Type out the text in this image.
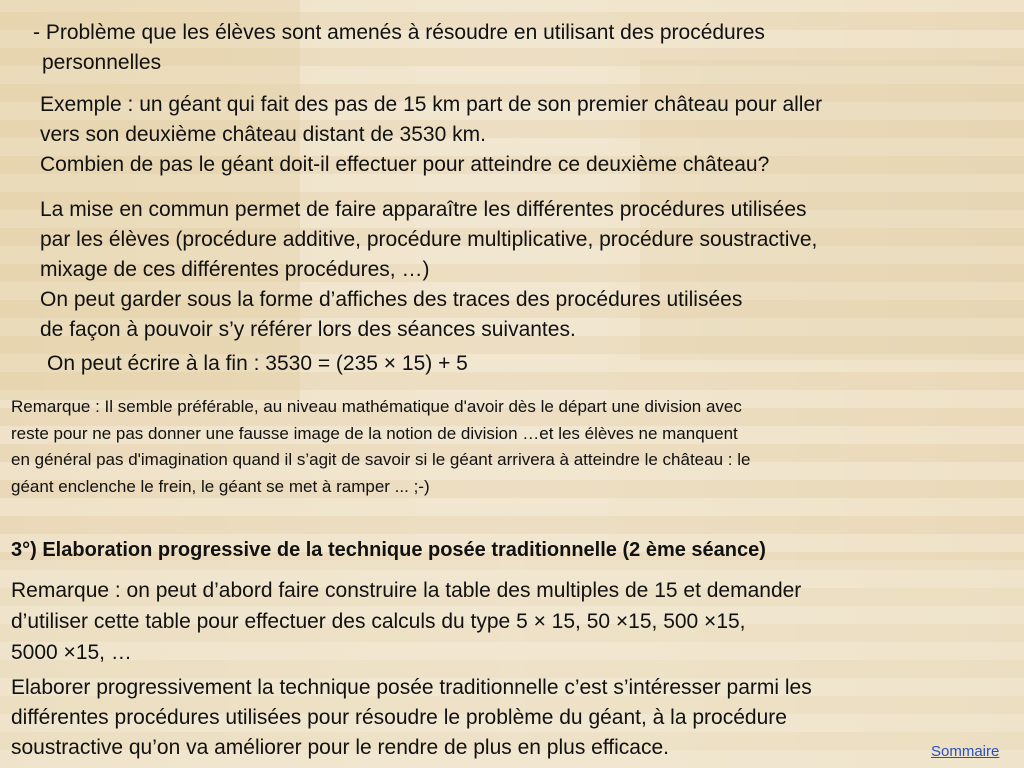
- Problème que les élèves sont amenés à résoudre en utilisant des procédures

personnelles

Exemple : un géant qui fait des pas de 15 km part de son premier château pour aller

vers son deuxième château distant de 3530 km.

Combien de pas le géant doit-il effectuer pour atteindre ce deuxième château?

La mise en commun permet de faire apparaître les différentes procédures utilisées

par les élèves (procédure additive, procédure multiplicative, procédure soustractive,

mixage de ces différentes procédures, …)

On peut garder sous la forme d’affiches des traces des procédures utilisées

de façon à pouvoir s’y référer lors des séances suivantes.

On peut écrire à la fin : 3530 = (235 × 15) + 5

Remarque : Il semble préférable, au niveau mathématique d'avoir dès le départ une division avec

reste pour ne pas donner une fausse image de la notion de division …et les élèves ne manquent

en général pas d'imagination quand il s’agit de savoir si le géant arrivera à atteindre le château : le

géant enclenche le frein, le géant se met à ramper ... ;-)

3°) Elaboration progressive de la technique posée traditionnelle (2 ème séance)

Remarque : on peut d’abord faire construire la table des multiples de 15 et demander

d’utiliser cette table pour effectuer des calculs du type 5 × 15, 50 ×15, 500 ×15,

5000 ×15, …

Elaborer progressivement la technique posée traditionnelle c’est s’intéresser parmi les

différentes procédures utilisées pour résoudre le problème du géant, à la procédure

soustractive qu’on va améliorer pour le rendre de plus en plus efficace.	Sommaire
